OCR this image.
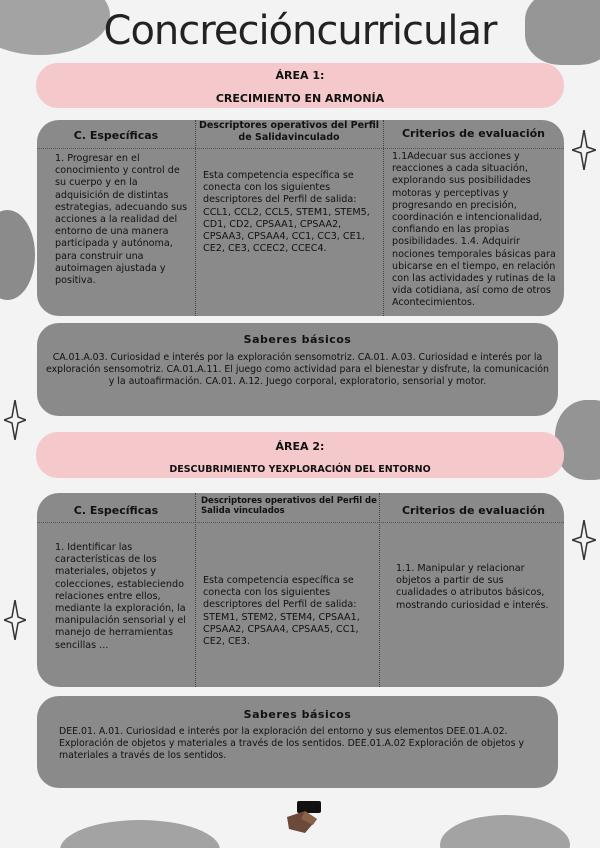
Concrecióncurricular
ÁREA 1:
CRECIMIENTO EN ARMONÍA
C. Específicas
Descriptores operativos del Perfil de Salidavinculado	Criterios de evaluación
1. Progresar en el conocimiento y control de su cuerpo y en la adquisición de distintas estrategias, adecuando sus acciones a la realidad del entorno de una manera participada y autónoma, para construir una autoimagen ajustada y positiva.
Esta competencia específica se conecta con los siguientes descriptores del Perfil de salida: CCL1, CCL2, CCL5, STEM1, STEM5, CD1, CD2, CPSAA1, CPSAA2, CPSAA3, CPSAA4, CC1, CC3, CE1, CE2, CE3, CCEC2, CCEC4.
1.1Adecuar sus acciones y reacciones a cada situación, explorando sus posibilidades motoras y perceptivas y progresando en precisión, coordinación e intencionalidad, confiando en las propias posibilidades. 1.4. Adquirir nociones temporales básicas para ubicarse en el tiempo, en relación con las actividades y rutinas de la vida cotidiana, así como de otros Acontecimientos.
Saberes básicos
CA.01.A.03. Curiosidad e interés por la exploración sensomotriz. CA.01. A.03. Curiosidad e interés por la exploración sensomotriz. CA.01.A.11. El juego como actividad para el bienestar y disfrute, la comunicación y la autoafirmación. CA.01. A.12. Juego corporal, exploratorio, sensorial y motor.
ÁREA 2:
DESCUBRIMIENTO YEXPLORACIÓN DEL ENTORNO
C. Específicas
Descriptores operativos del Perfil de Salida vinculados	Criterios de evaluación
1. Identificar las características de los materiales, objetos y colecciones, estableciendo relaciones entre ellos, mediante la exploración, la manipulación sensorial y el manejo de herramientas sencillas ...
Esta competencia específica se conecta con los siguientes descriptores del Perfil de salida: STEM1, STEM2, STEM4, CPSAA1, CPSAA2, CPSAA4, CPSAA5, CC1, CE2, CE3.
1.1. Manipular y relacionar objetos a partir de sus cualidades o atributos básicos, mostrando curiosidad e interés.
Saberes básicos
DEE.01. A.01. Curiosidad e interés por la exploración del entorno y sus elementos DEE.01.A.02. Exploración de objetos y materiales a través de los sentidos. DEE.01.A.02 Exploración de objetos y materiales a través de los sentidos.
